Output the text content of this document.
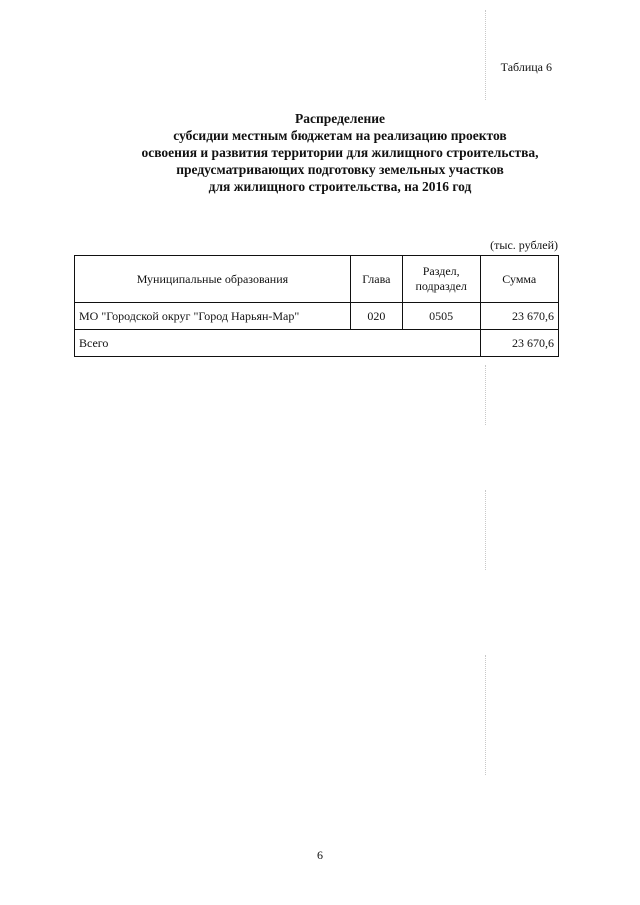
Таблица 6
Распределение
субсидии местным бюджетам на реализацию проектов
освоения и развития территории для жилищного строительства,
предусматривающих подготовку земельных участков
для жилищного строительства, на 2016 год
(тыс. рублей)
Муниципальные образования	Глава	Раздел, подраздел	Сумма
МО "Городской округ "Город Нарьян-Мар"	020	0505	23 670,6
Всего			23 670,6
6
